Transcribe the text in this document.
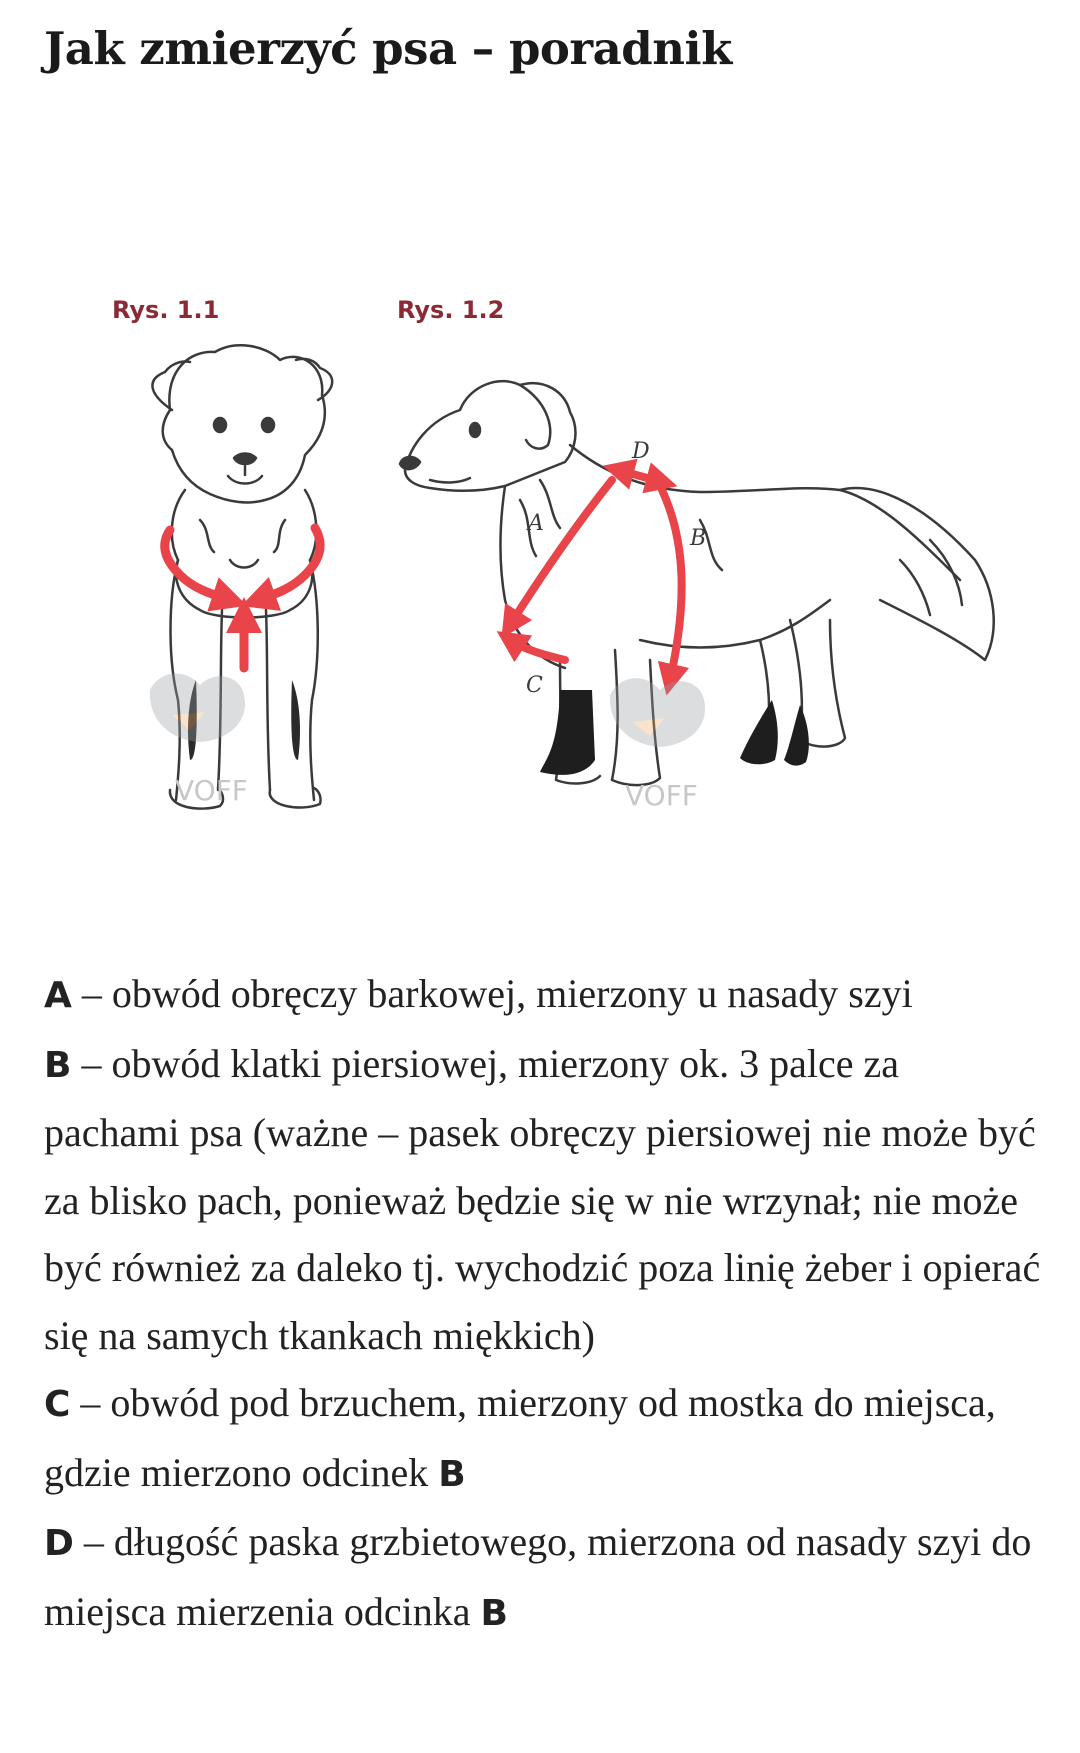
Jak zmierzyć psa – poradnik
Rys. 1.1	Rys. 1.2
VOFF
A
B
C
D
VOFF

A – obwód obręczy barkowej, mierzony u nasady szyi

B – obwód klatki piersiowej, mierzony ok. 3 palce za pachami psa (ważne – pasek obręczy piersiowej nie może być za blisko pach, ponieważ będzie się w nie wrzynał; nie może być również za daleko tj. wychodzić poza linię żeber i opierać się na samych tkankach miękkich)

C – obwód pod brzuchem, mierzony od mostka do miejsca, gdzie mierzono odcinek B

D – długość paska grzbietowego, mierzona od nasady szyi do miejsca mierzenia odcinka B
